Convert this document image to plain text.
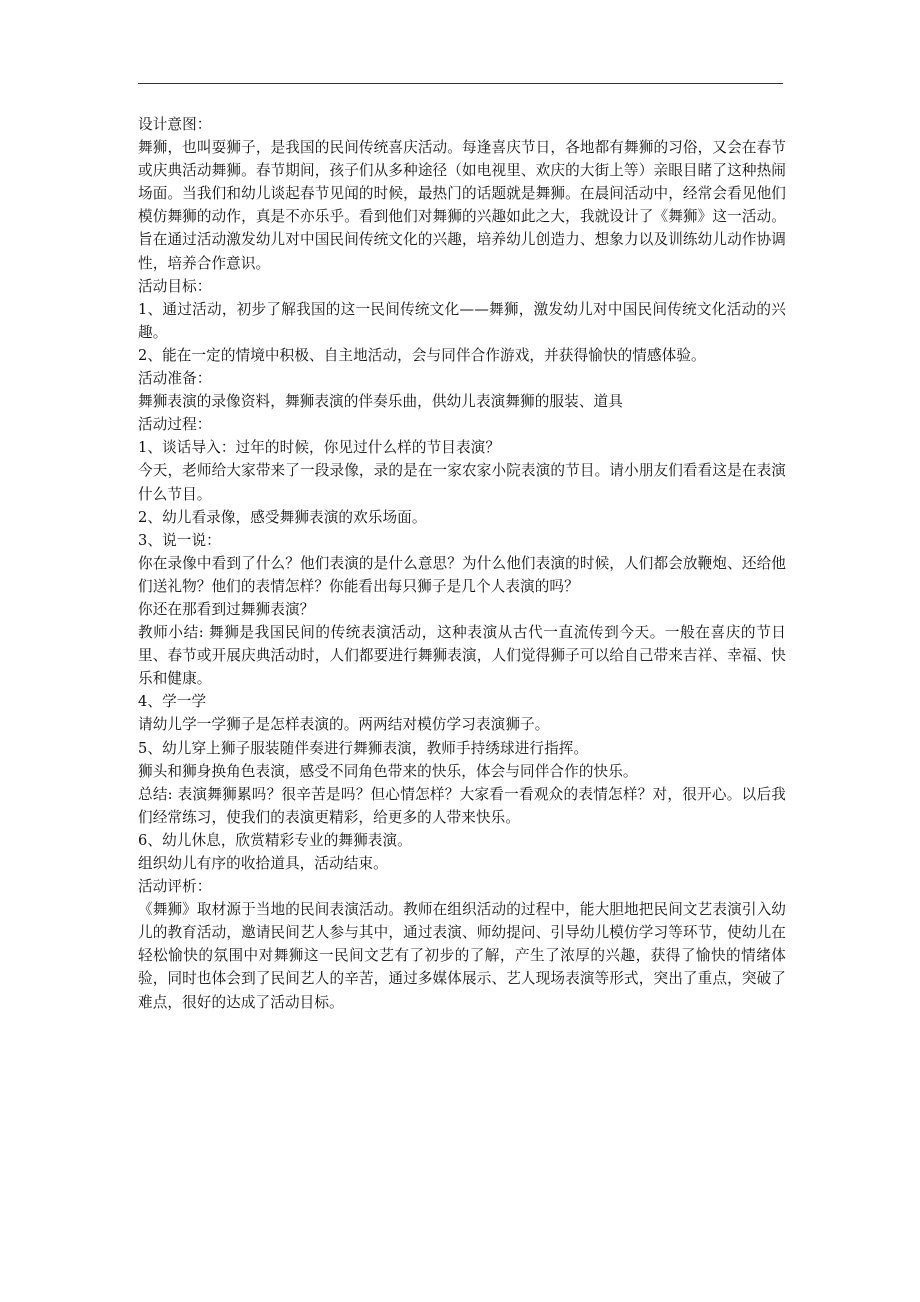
设计意图：

舞狮，也叫耍狮子，是我国的民间传统喜庆活动。每逢喜庆节日，各地都有舞狮的习俗，又会在春节或庆典活动舞狮。春节期间，孩子们从多种途径（如电视里、欢庆的大街上等）亲眼目睹了这种热闹场面。当我们和幼儿谈起春节见闻的时候，最热门的话题就是舞狮。在晨间活动中，经常会看见他们模仿舞狮的动作，真是不亦乐乎。看到他们对舞狮的兴趣如此之大，我就设计了《舞狮》这一活动。旨在通过活动激发幼儿对中国民间传统文化的兴趣，培养幼儿创造力、想象力以及训练幼儿动作协调性，培养合作意识。

活动目标：

1、通过活动，初步了解我国的这一民间传统文化——舞狮，激发幼儿对中国民间传统文化活动的兴趣。

2、能在一定的情境中积极、自主地活动，会与同伴合作游戏，并获得愉快的情感体验。

活动准备：

舞狮表演的录像资料，舞狮表演的伴奏乐曲，供幼儿表演舞狮的服装、道具

活动过程：

1、谈话导入：过年的时候，你见过什么样的节目表演？

今天，老师给大家带来了一段录像，录的是在一家农家小院表演的节目。请小朋友们看看这是在表演什么节目。

2、幼儿看录像，感受舞狮表演的欢乐场面。

3、说一说：

你在录像中看到了什么？他们表演的是什么意思？为什么他们表演的时候，人们都会放鞭炮、还给他们送礼物？他们的表情怎样？你能看出每只狮子是几个人表演的吗？

你还在那看到过舞狮表演？

教师小结: 舞狮是我国民间的传统表演活动，这种表演从古代一直流传到今天。一般在喜庆的节日里、春节或开展庆典活动时，人们都要进行舞狮表演，人们觉得狮子可以给自己带来吉祥、幸福、快乐和健康。

4、学一学

请幼儿学一学狮子是怎样表演的。两两结对模仿学习表演狮子。

5、幼儿穿上狮子服装随伴奏进行舞狮表演，教师手持绣球进行指挥。

狮头和狮身换角色表演，感受不同角色带来的快乐，体会与同伴合作的快乐。

总结: 表演舞狮累吗？很辛苦是吗？但心情怎样？大家看一看观众的表情怎样？对，很开心。以后我们经常练习，使我们的表演更精彩，给更多的人带来快乐。

6、幼儿休息，欣赏精彩专业的舞狮表演。

组织幼儿有序的收拾道具，活动结束。

活动评析：

《舞狮》取材源于当地的民间表演活动。教师在组织活动的过程中，能大胆地把民间文艺表演引入幼儿的教育活动，邀请民间艺人参与其中，通过表演、师幼提问、引导幼儿模仿学习等环节，使幼儿在轻松愉快的氛围中对舞狮这一民间文艺有了初步的了解，产生了浓厚的兴趣，获得了愉快的情绪体验，同时也体会到了民间艺人的辛苦，通过多媒体展示、艺人现场表演等形式，突出了重点，突破了难点，很好的达成了活动目标。
